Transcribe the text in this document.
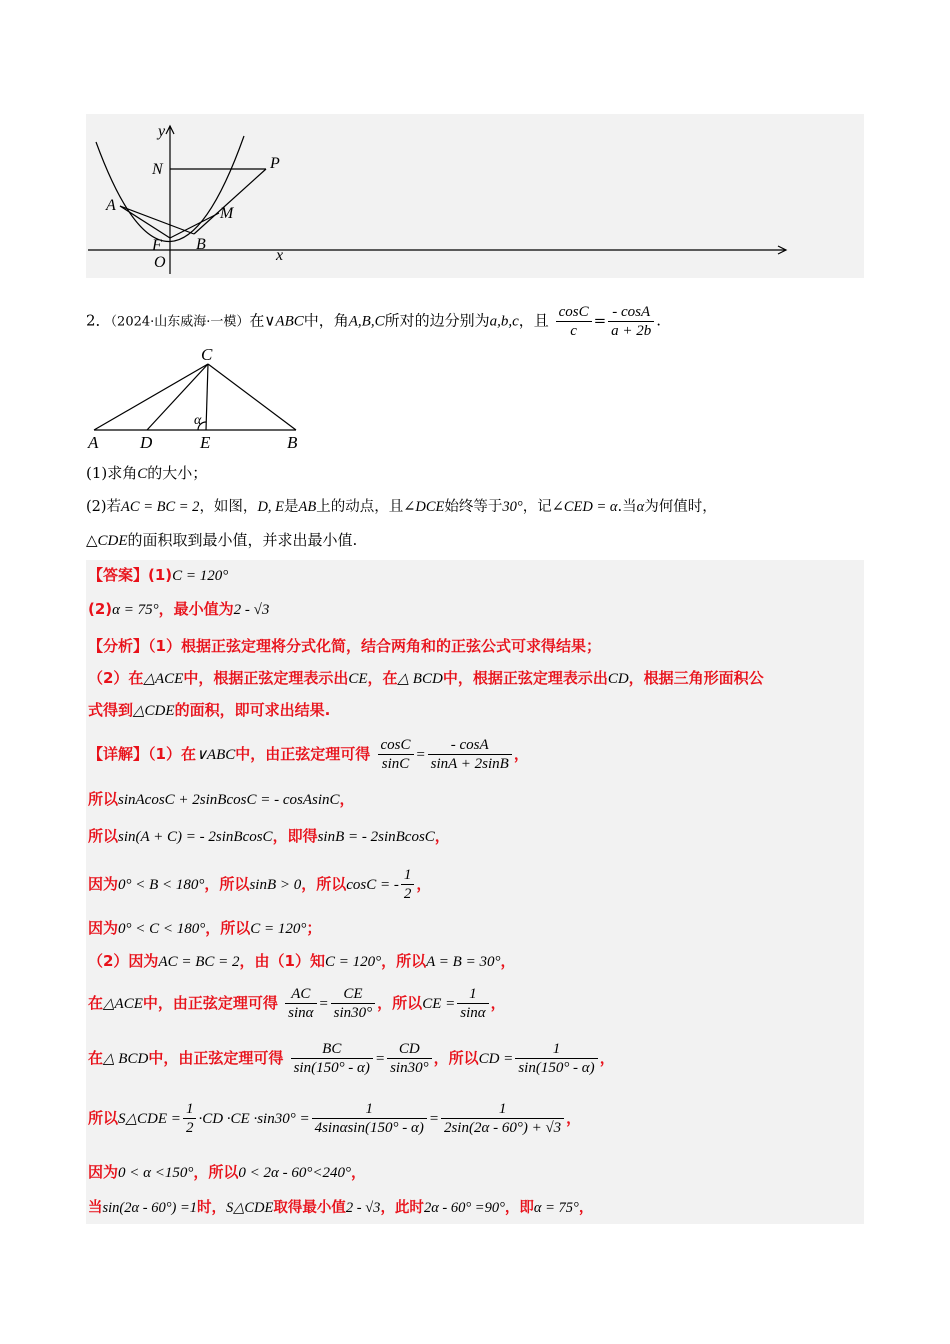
y
x
N	P
A	M
F B
O
2．（2024·山东威海·一模）在∨ABC中，角A,B,C所对的边分别为a,b,c，且 $\frac{\cos C}{c} = \frac{- \cos A}{a + 2b}$ .
C
A D	E	B
α
(1)求角C的大小；
(2)若AC = BC = 2，如图，D, E是AB上的动点，且∠DCE始终等于30°，记∠CED = α.当α为何值时，
△CDE的面积取到最小值，并求出最小值.
【答案】(1)C = 120°
(2)α = 75°，最小值为2 - √3
【分析】（1）根据正弦定理将分式化简，结合两角和的正弦公式可求得结果；
（2）在△ACE中，根据正弦定理表示出CE，在△ BCD中，根据正弦定理表示出CD，根据三角形面积公
式得到△CDE的面积，即可求出结果.
【详解】（1）在∨ABC中，由正弦定理可得 $\frac{\cos C}{\sin C} = \frac{- \cos A}{\sin A + 2\sin B}$ ，
所以sinAcosC + 2sinBcosC = - cosAsinC，
所以sin(A + C) = - 2sinBcosC，即得sinB = - 2sinBcosC，
因为0° < B < 180°，所以sinB > 0，所以cosC = - $\frac{1}{2}$ ，
因为0° < C < 180°，所以C = 120°；
（2）因为AC = BC = 2，由（1）知C = 120°，所以A = B = 30°，
在△ACE中，由正弦定理可得 $\frac{AC}{\sin\alpha} = \frac{CE}{\sin 30^\circ}$ ，所以CE = $\frac{1}{\sin\alpha}$ ，
在△ BCD中，由正弦定理可得 $\frac{BC}{\sin(150^\circ - \alpha)} = \frac{CD}{\sin 30^\circ}$ ，所以CD = $\frac{1}{\sin(150^\circ - \alpha)}$ ，
所以S△CDE = $\frac{1}{2} \cdot CD \cdot CE \cdot\sin 30^\circ = \frac{1}{4\sin\alpha\sin(150^\circ - \alpha)} = \frac{1}{2\sin(2\alpha - 60^\circ) + √3}$ ，
因为0 < α <150°，所以0 < 2α - 60°<240°，
当sin(2α - 60°) =1时，S△CDE取得最小值2 - √3，此时2α - 60° =90°，即α = 75°，
